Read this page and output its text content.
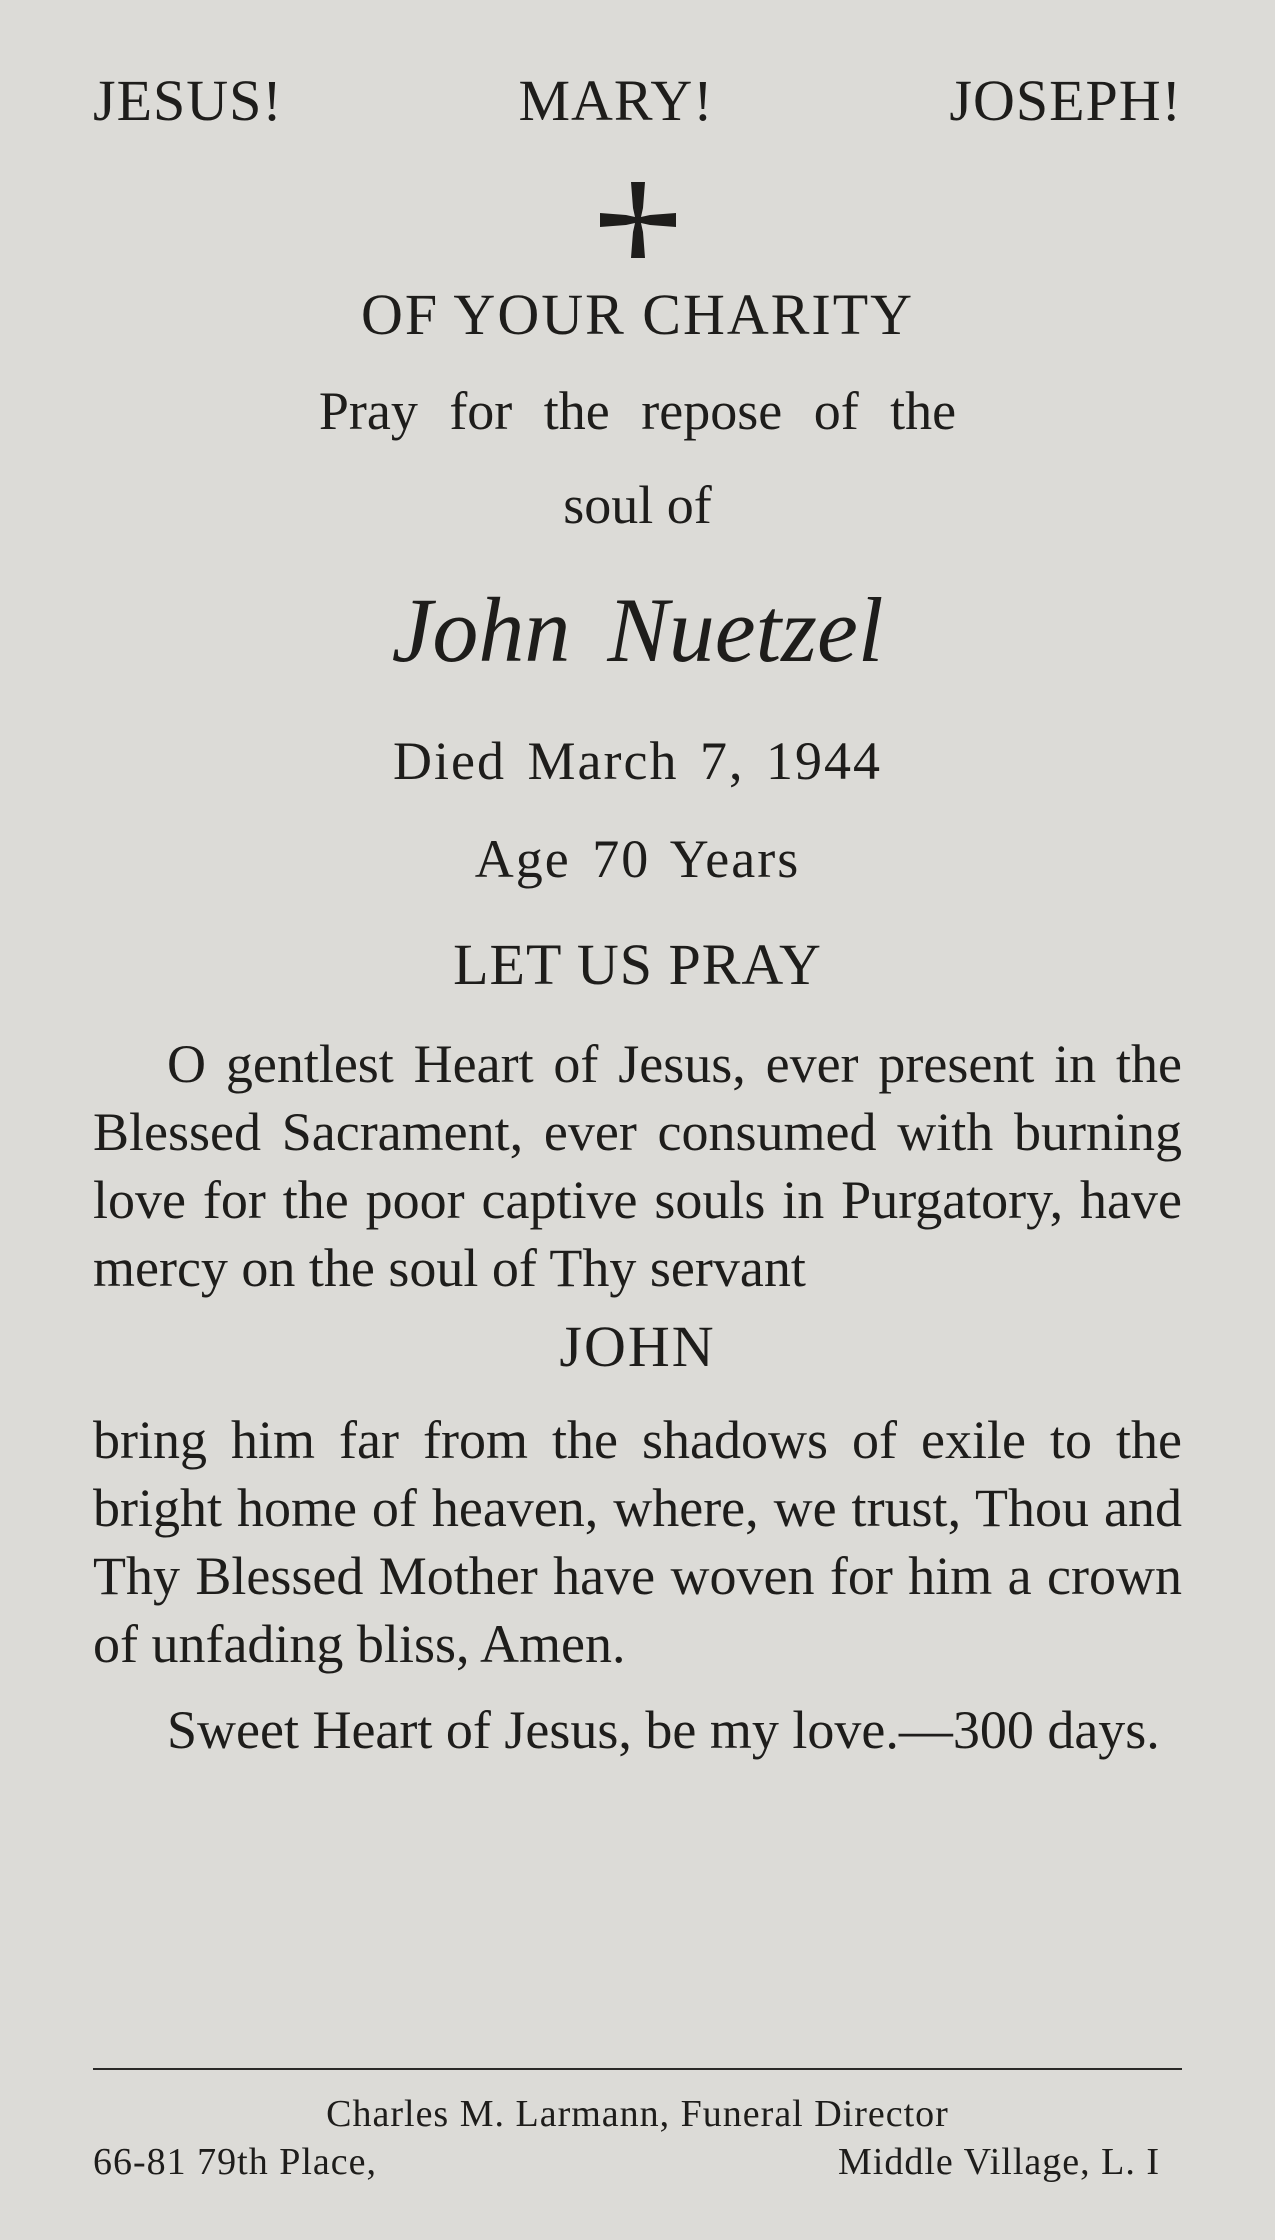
JESUS!	MARY!	JOSEPH!
OF YOUR CHARITY
Pray for the repose of the
soul of
John Nuetzel
Died March 7, 1944
Age 70 Years
LET US PRAY

O gentlest Heart of Jesus, ever present in the Blessed Sacrament, ever consumed with burning love for the poor captive souls in Purgatory, have mercy on the soul of Thy servant

JOHN

bring him far from the shadows of exile to the bright home of heaven, where, we trust, Thou and Thy Blessed Mother have woven for him a crown of unfading bliss, Amen.

Sweet Heart of Jesus, be my love.—300 days.

Charles M. Larmann, Funeral Director
66-81 79th Place,	Middle Village, L. I
